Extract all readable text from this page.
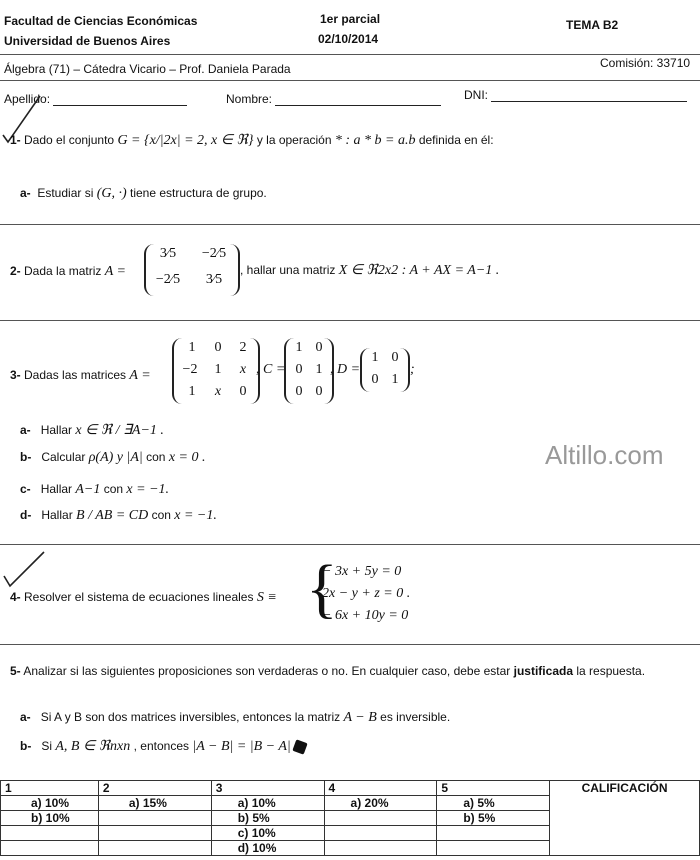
Facultad de Ciencias Económicas
Universidad de Buenos Aires
1er parcial
02/10/2014
TEMA B2
Álgebra (71) – Cátedra Vicario – Prof. Daniela Parada	Comisión: 33710
Apellido:	Nombre:	DNI:
1- Dado el conjunto G = {x/|2x| = 2, x ∈ ℜ} y la operación * : a * b = a.b definida en él:
a- Estudiar si (G, ·) tiene estructura de grupo.
2- Dada la matriz A =
3⁄5	−2⁄5
−2⁄5	3⁄5
, hallar una matriz X ∈ ℜ2x2 : A + AX = A−1 .
3- Dadas las matrices A =
1	0	2
−2	1	x
1	x	0
, C =
1 0
0 1
0 0
, D =
1 0
0 1
;
a- Hallar x ∈ ℜ / ∃A−1 .
b- Calcular ρ(A) y |A| con x = 0 .
c- Hallar A−1 con x = −1.
d- Hallar B / AB = CD con x = −1.
Altillo.com
4- Resolver el sistema de ecuaciones lineales S ≡ {
− 3x + 5y = 0
2x − y + z = 0 .
− 6x + 10y = 0
5- Analizar si las siguientes proposiciones son verdaderas o no. En cualquier caso, debe estar justificada la respuesta.
a- Si A y B son dos matrices inversibles, entonces la matriz A − B es inversible.
b- Si A, B ∈ ℜnxn , entonces |A − B| = |B − A|
1	2	3	4	5	CALIFICACIÓN
a) 10%	a) 15%	a) 10%	a) 20%	a) 5%	
b) 10%		b) 5%		b) 5%	
		c) 10%			
		d) 10%			
